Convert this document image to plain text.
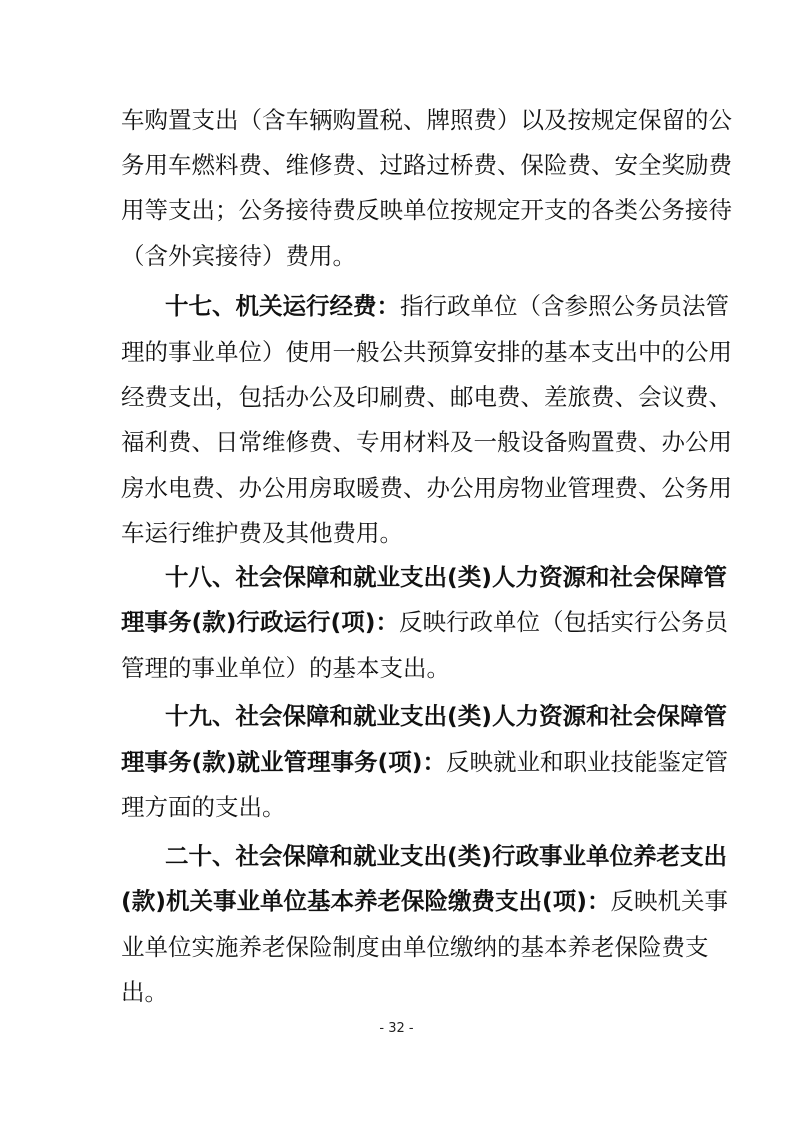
车购置支出（含车辆购置税、牌照费）以及按规定保留的公
务用车燃料费、维修费、过路过桥费、保险费、安全奖励费
用等支出；公务接待费反映单位按规定开支的各类公务接待
（含外宾接待）费用。
十七、机关运行经费：指行政单位（含参照公务员法管
理的事业单位）使用一般公共预算安排的基本支出中的公用
经费支出，包括办公及印刷费、邮电费、差旅费、会议费、
福利费、日常维修费、专用材料及一般设备购置费、办公用
房水电费、办公用房取暖费、办公用房物业管理费、公务用
车运行维护费及其他费用。
十八、社会保障和就业支出(类)人力资源和社会保障管
理事务(款)行政运行(项)：反映行政单位（包括实行公务员
管理的事业单位）的基本支出。
十九、社会保障和就业支出(类)人力资源和社会保障管
理事务(款)就业管理事务(项)：反映就业和职业技能鉴定管
理方面的支出。
二十、社会保障和就业支出(类)行政事业单位养老支出
(款)机关事业单位基本养老保险缴费支出(项)：反映机关事
业单位实施养老保险制度由单位缴纳的基本养老保险费支
出。
- 32 -
